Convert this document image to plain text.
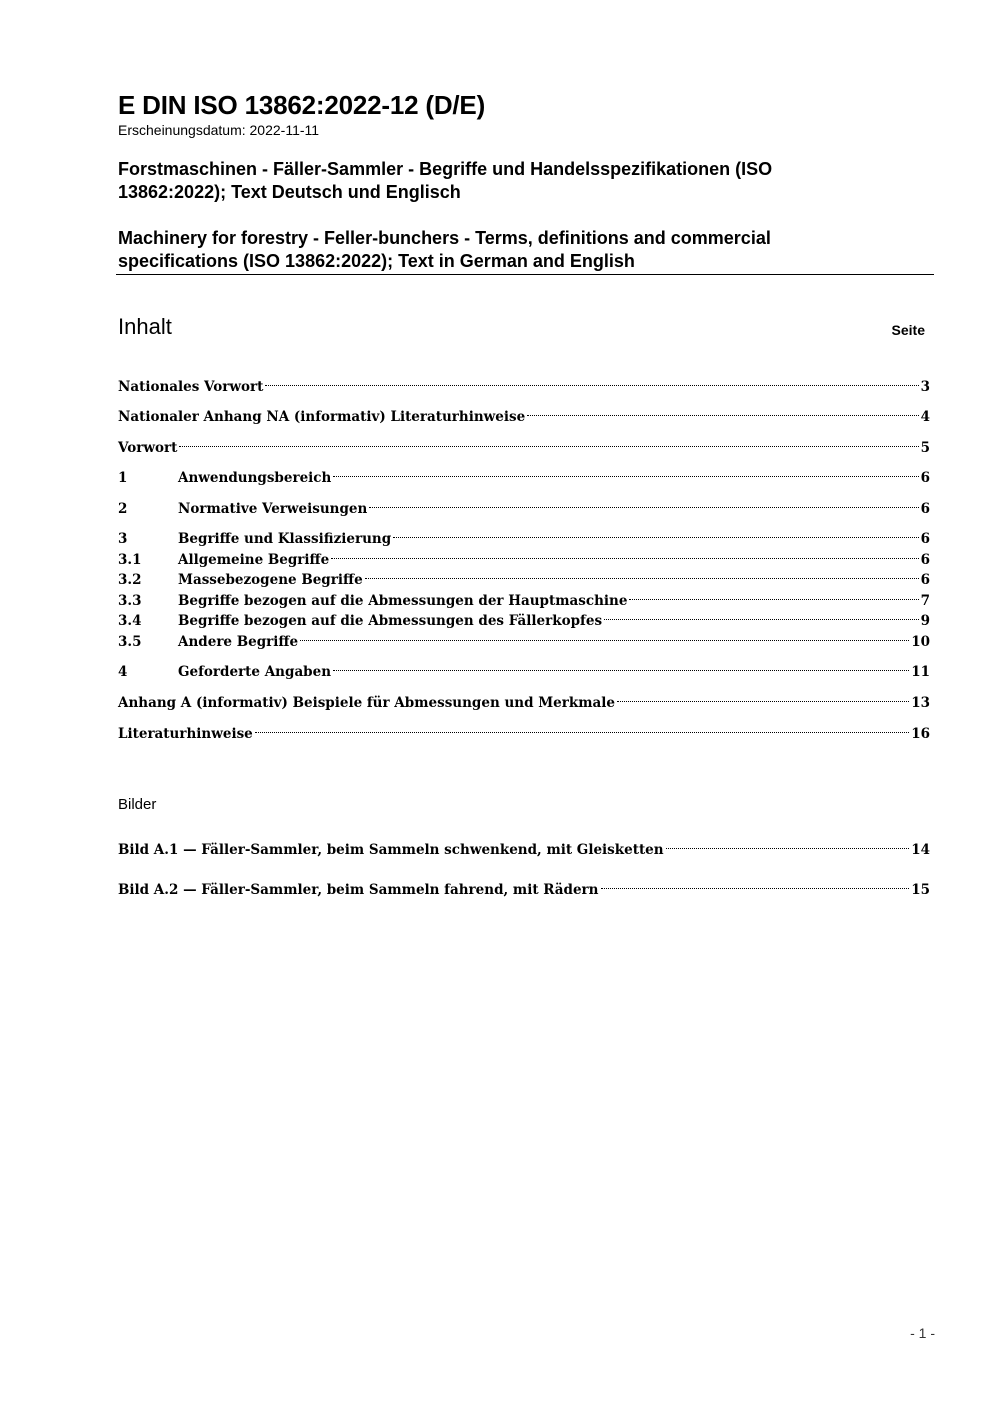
E DIN ISO 13862:2022-12 (D/E)
Erscheinungsdatum: 2022-11-11
Forstmaschinen - Fäller-Sammler - Begriffe und Handelsspezifikationen (ISO
13862:2022); Text Deutsch und Englisch
Machinery for forestry - Feller-bunchers - Terms, definitions and commercial
specifications (ISO 13862:2022); Text in German and English
Inhalt	Seite
Nationales Vorwort	3
Nationaler Anhang NA (informativ) Literaturhinweise	4
Vorwort	5
1	Anwendungsbereich	6
2	Normative Verweisungen	6
3	Begriffe und Klassifizierung	6
3.1	Allgemeine Begriffe	6
3.2	Massebezogene Begriffe	6
3.3	Begriffe bezogen auf die Abmessungen der Hauptmaschine	7
3.4	Begriffe bezogen auf die Abmessungen des Fällerkopfes	9
3.5	Andere Begriffe	10
4	Geforderte Angaben	11
Anhang A (informativ) Beispiele für Abmessungen und Merkmale	13
Literaturhinweise	16
Bilder
Bild A.1 — Fäller-Sammler, beim Sammeln schwenkend, mit Gleisketten	14
Bild A.2 — Fäller-Sammler, beim Sammeln fahrend, mit Rädern	15
- 1 -
